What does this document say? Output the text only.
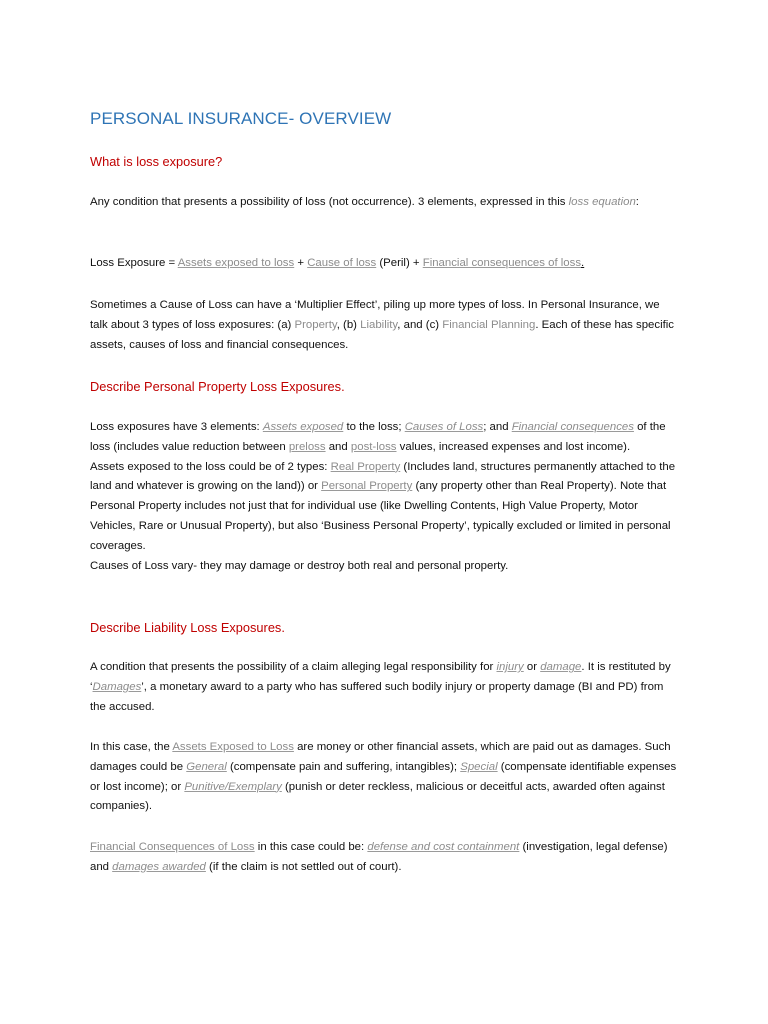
PERSONAL INSURANCE- OVERVIEW
What is loss exposure?

Any condition that presents a possibility of loss (not occurrence). 3 elements, expressed in this loss equation:

Loss Exposure = Assets exposed to loss + Cause of loss (Peril) + Financial consequences of loss.

Sometimes a Cause of Loss can have a ‘Multiplier Effect’, piling up more types of loss. In Personal Insurance, we talk about 3 types of loss exposures: (a) Property, (b) Liability, and (c) Financial Planning. Each of these has specific assets, causes of loss and financial consequences.

Describe Personal Property Loss Exposures.

Loss exposures have 3 elements: Assets exposed to the loss; Causes of Loss; and Financial consequences of the loss (includes value reduction between preloss and post-loss values, increased expenses and lost income).
Assets exposed to the loss could be of 2 types: Real Property (Includes land, structures permanently attached to the land and whatever is growing on the land)) or Personal Property (any property other than Real Property). Note that Personal Property includes not just that for individual use (like Dwelling Contents, High Value Property, Motor Vehicles, Rare or Unusual Property), but also ‘Business Personal Property’, typically excluded or limited in personal coverages.
Causes of Loss vary- they may damage or destroy both real and personal property.

Describe Liability Loss Exposures.

A condition that presents the possibility of a claim alleging legal responsibility for injury or damage. It is restituted by ‘Damages’, a monetary award to a party who has suffered such bodily injury or property damage (BI and PD) from the accused.

In this case, the Assets Exposed to Loss are money or other financial assets, which are paid out as damages. Such damages could be General (compensate pain and suffering, intangibles); Special (compensate identifiable expenses or lost income); or Punitive/Exemplary (punish or deter reckless, malicious or deceitful acts, awarded often against companies).

Financial Consequences of Loss in this case could be: defense and cost containment (investigation, legal defense) and damages awarded (if the claim is not settled out of court).
